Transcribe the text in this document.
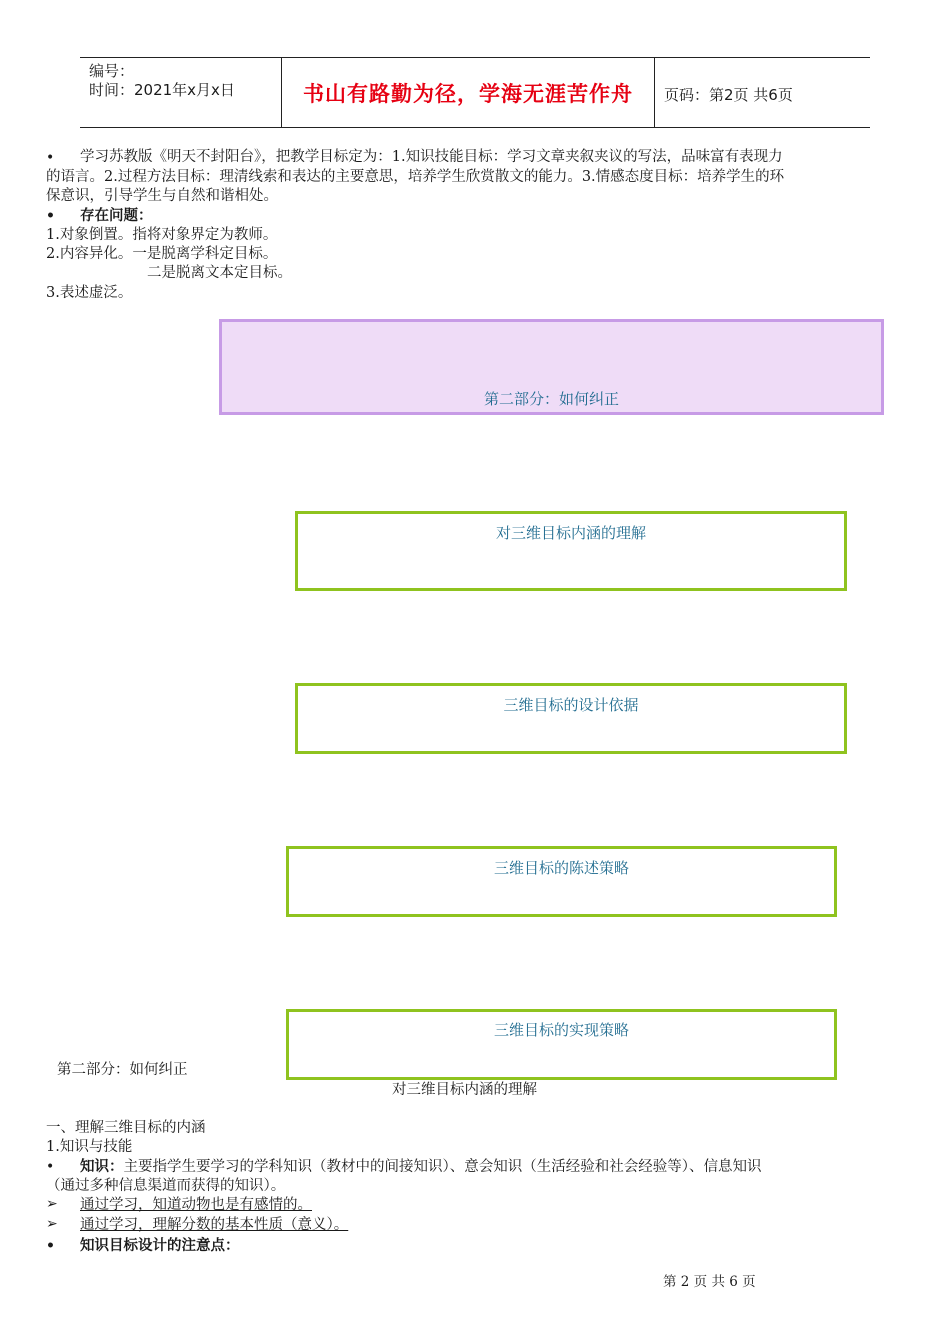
编号：
时间：2021年x月x日	书山有路勤为径，学海无涯苦作舟	页码：第2页 共6页
• 学习苏教版《明天不封阳台》，把教学目标定为：1.知识技能目标：学习文章夹叙夹议的写法，品味富有表现力
的语言。2.过程方法目标：理清线索和表达的主要意思，培养学生欣赏散文的能力。3.情感态度目标：培养学生的环
保意识，引导学生与自然和谐相处。
• 存在问题：
1.对象倒置。指将对象界定为教师。
2.内容异化。一是脱离学科定目标。
二是脱离文本定目标。
3.表述虚泛。
第二部分：如何纠正
对三维目标内涵的理解
三维目标的设计依据
三维目标的陈述策略
三维目标的实现策略
第二部分：如何纠正
对三维目标内涵的理解
一、理解三维目标的内涵
1.知识与技能
• 知识：主要指学生要学习的学科知识（教材中的间接知识）、意会知识（生活经验和社会经验等）、信息知识
（通过多种信息渠道而获得的知识）。
➢ 通过学习，知道动物也是有感情的。
➢ 通过学习，理解分数的基本性质（意义）。
• 知识目标设计的注意点：
第 2 页 共 6 页
